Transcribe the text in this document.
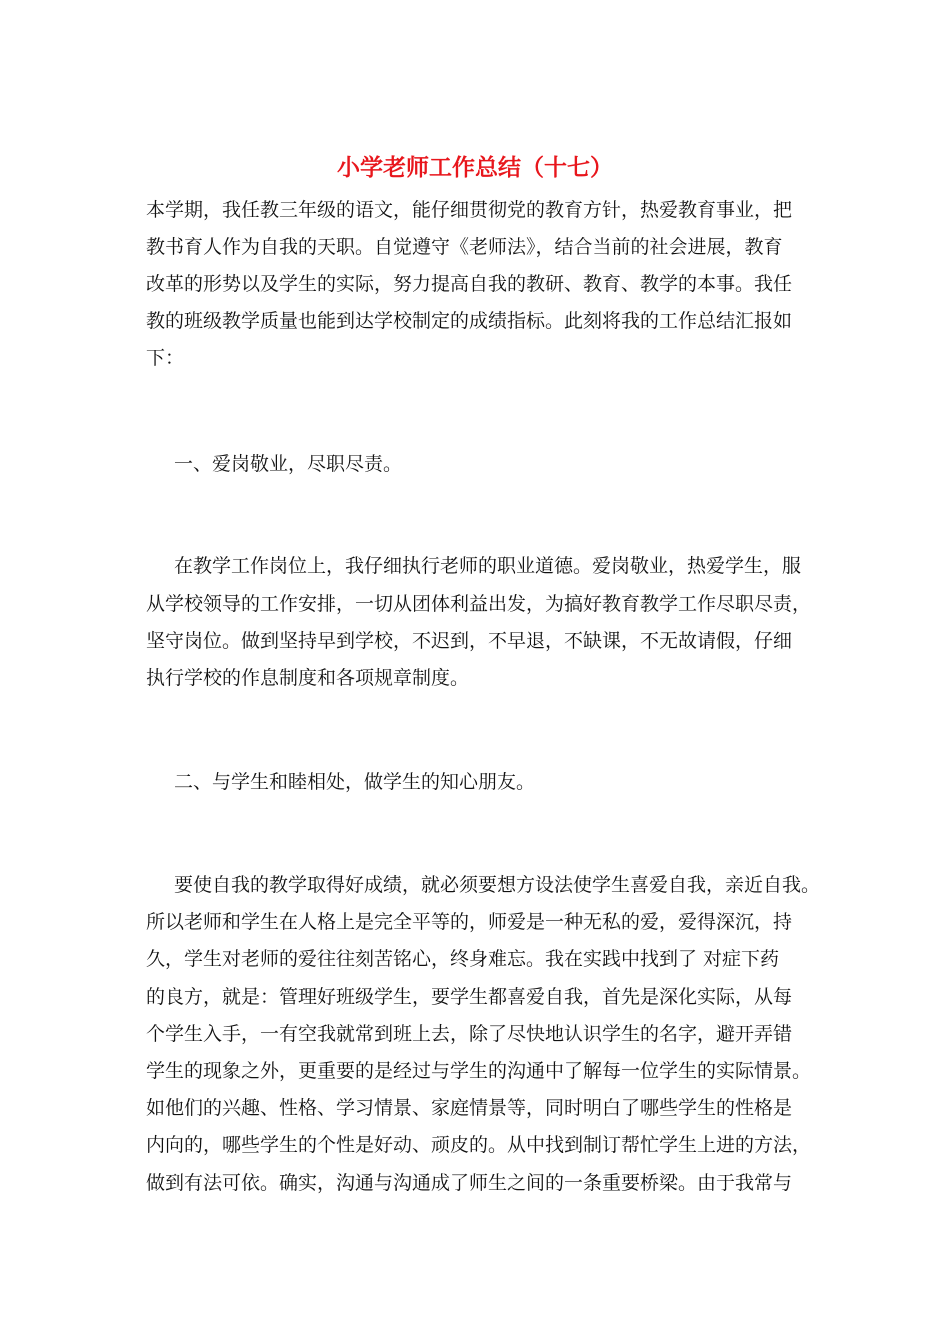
小学老师工作总结（十七）
本学期，我任教三年级的语文，能仔细贯彻党的教育方针，热爱教育事业，把
教书育人作为自我的天职。自觉遵守《老师法》，结合当前的社会进展，教育
改革的形势以及学生的实际，努力提高自我的教研、教育、教学的本事。我任
教的班级教学质量也能到达学校制定的成绩指标。此刻将我的工作总结汇报如
下：
一、爱岗敬业，尽职尽责。
在教学工作岗位上，我仔细执行老师的职业道德。爱岗敬业，热爱学生，服
从学校领导的工作安排，一切从团体利益出发，为搞好教育教学工作尽职尽责，
坚守岗位。做到坚持早到学校，不迟到，不早退，不缺课，不无故请假，仔细
执行学校的作息制度和各项规章制度。
二、与学生和睦相处，做学生的知心朋友。
要使自我的教学取得好成绩，就必须要想方设法使学生喜爱自我，亲近自我。
所以老师和学生在人格上是完全平等的，师爱是一种无私的爱，爱得深沉，持
久，学生对老师的爱往往刻苦铭心，终身难忘。我在实践中找到了 对症下药
的良方，就是：管理好班级学生，要学生都喜爱自我，首先是深化实际，从每
个学生入手，一有空我就常到班上去，除了尽快地认识学生的名字，避开弄错
学生的现象之外，更重要的是经过与学生的沟通中了解每一位学生的实际情景。
如他们的兴趣、性格、学习情景、家庭情景等，同时明白了哪些学生的性格是
内向的，哪些学生的个性是好动、顽皮的。从中找到制订帮忙学生上进的方法，
做到有法可依。确实，沟通与沟通成了师生之间的一条重要桥梁。由于我常与
